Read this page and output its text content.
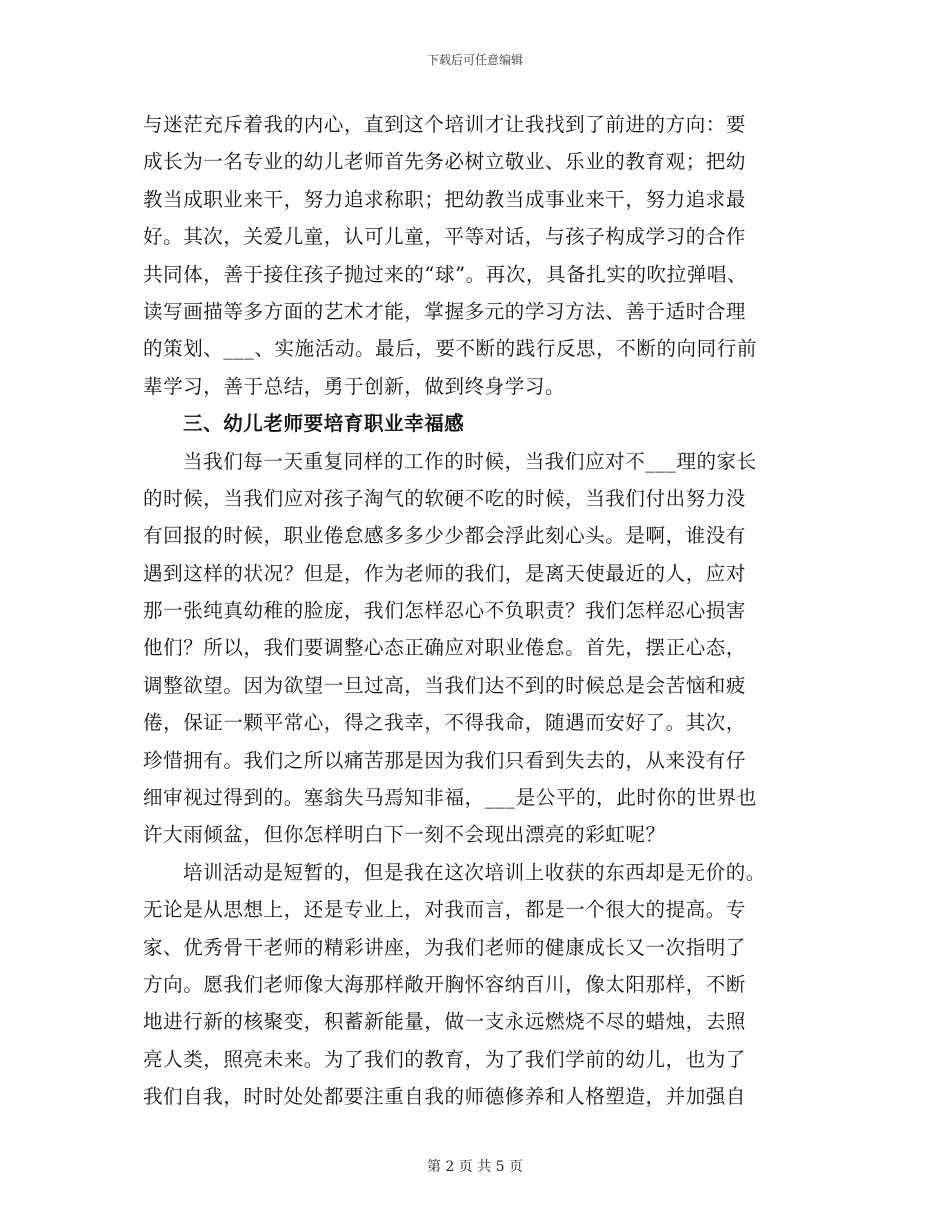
下载后可任意编辑
与迷茫充斥着我的内心，直到这个培训才让我找到了前进的方向：要
成长为一名专业的幼儿老师首先务必树立敬业、乐业的教育观；把幼
教当成职业来干，努力追求称职；把幼教当成事业来干，努力追求最
好。其次，关爱儿童，认可儿童，平等对话，与孩子构成学习的合作
共同体，善于接住孩子抛过来的“球”。再次，具备扎实的吹拉弹唱、
读写画描等多方面的艺术才能，掌握多元的学习方法、善于适时合理
的策划、___、实施活动。最后，要不断的践行反思，不断的向同行前
辈学习，善于总结，勇于创新，做到终身学习。
三、幼儿老师要培育职业幸福感
当我们每一天重复同样的工作的时候，当我们应对不___理的家长
的时候，当我们应对孩子淘气的软硬不吃的时候，当我们付出努力没
有回报的时候，职业倦怠感多多少少都会浮此刻心头。是啊，谁没有
遇到这样的状况？但是，作为老师的我们，是离天使最近的人，应对
那一张纯真幼稚的脸庞，我们怎样忍心不负职责？我们怎样忍心损害
他们？所以，我们要调整心态正确应对职业倦怠。首先，摆正心态，
调整欲望。因为欲望一旦过高，当我们达不到的时候总是会苦恼和疲
倦，保证一颗平常心，得之我幸，不得我命，随遇而安好了。其次，
珍惜拥有。我们之所以痛苦那是因为我们只看到失去的，从来没有仔
细审视过得到的。塞翁失马焉知非福，___是公平的，此时你的世界也
许大雨倾盆，但你怎样明白下一刻不会现出漂亮的彩虹呢？
培训活动是短暂的，但是我在这次培训上收获的东西却是无价的。
无论是从思想上，还是专业上，对我而言，都是一个很大的提高。专
家、优秀骨干老师的精彩讲座，为我们老师的健康成长又一次指明了
方向。愿我们老师像大海那样敞开胸怀容纳百川，像太阳那样，不断
地进行新的核聚变，积蓄新能量，做一支永远燃烧不尽的蜡烛，去照
亮人类，照亮未来。为了我们的教育，为了我们学前的幼儿，也为了
我们自我，时时处处都要注重自我的师德修养和人格塑造，并加强自
第 2 页 共 5 页
